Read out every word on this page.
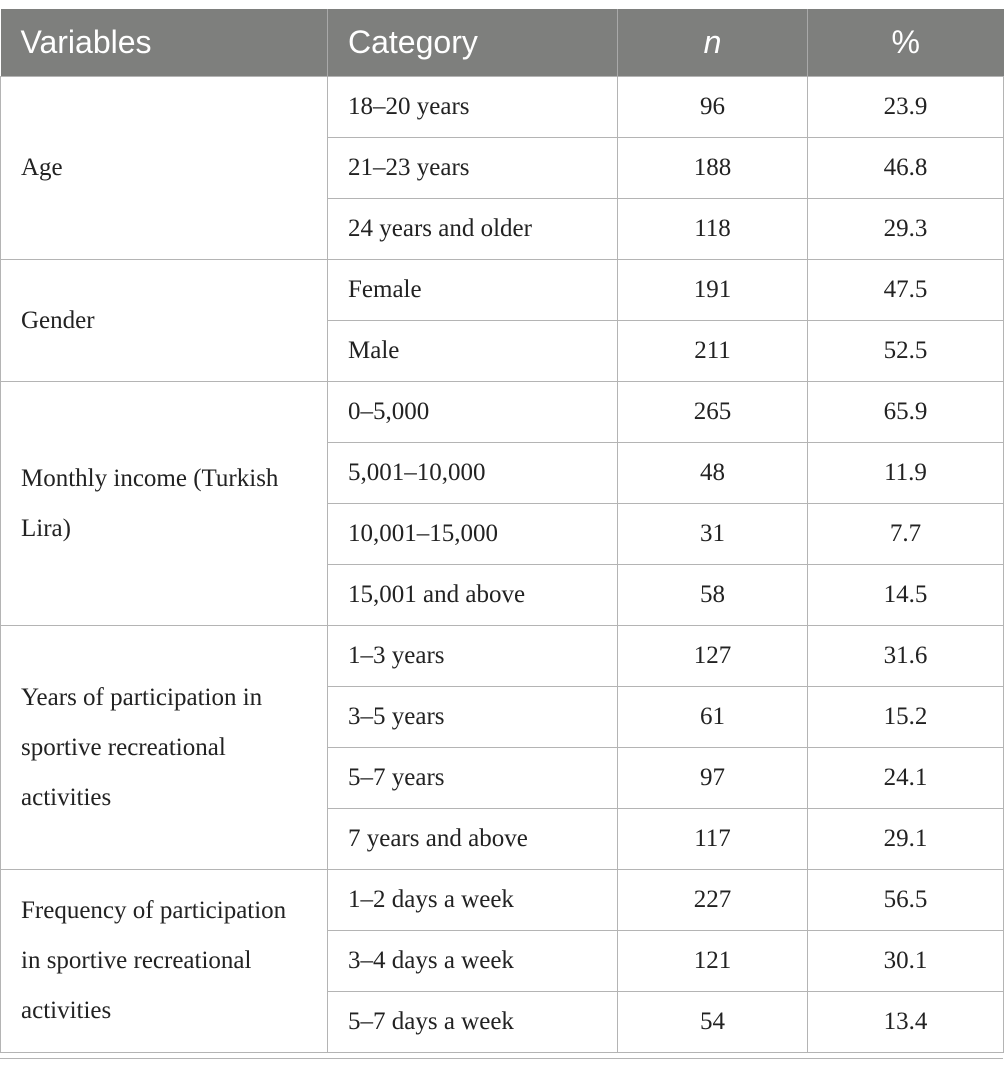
Variables	Category	n	%
Age	18–20 years	96	23.9
	21–23 years	188	46.8
	24 years and older	118	29.3
Gender	Female	191	47.5
	Male	211	52.5
Monthly income (Turkish Lira)	0–5,000	265	65.9
	5,001–10,000	48	11.9
	10,001–15,000	31	7.7
	15,001 and above	58	14.5
Years of participation in sportive recreational activities	1–3 years	127	31.6
	3–5 years	61	15.2
	5–7 years	97	24.1
	7 years and above	117	29.1
Frequency of participation in sportive recreational activities	1–2 days a week	227	56.5
	3–4 days a week	121	30.1
	5–7 days a week	54	13.4
